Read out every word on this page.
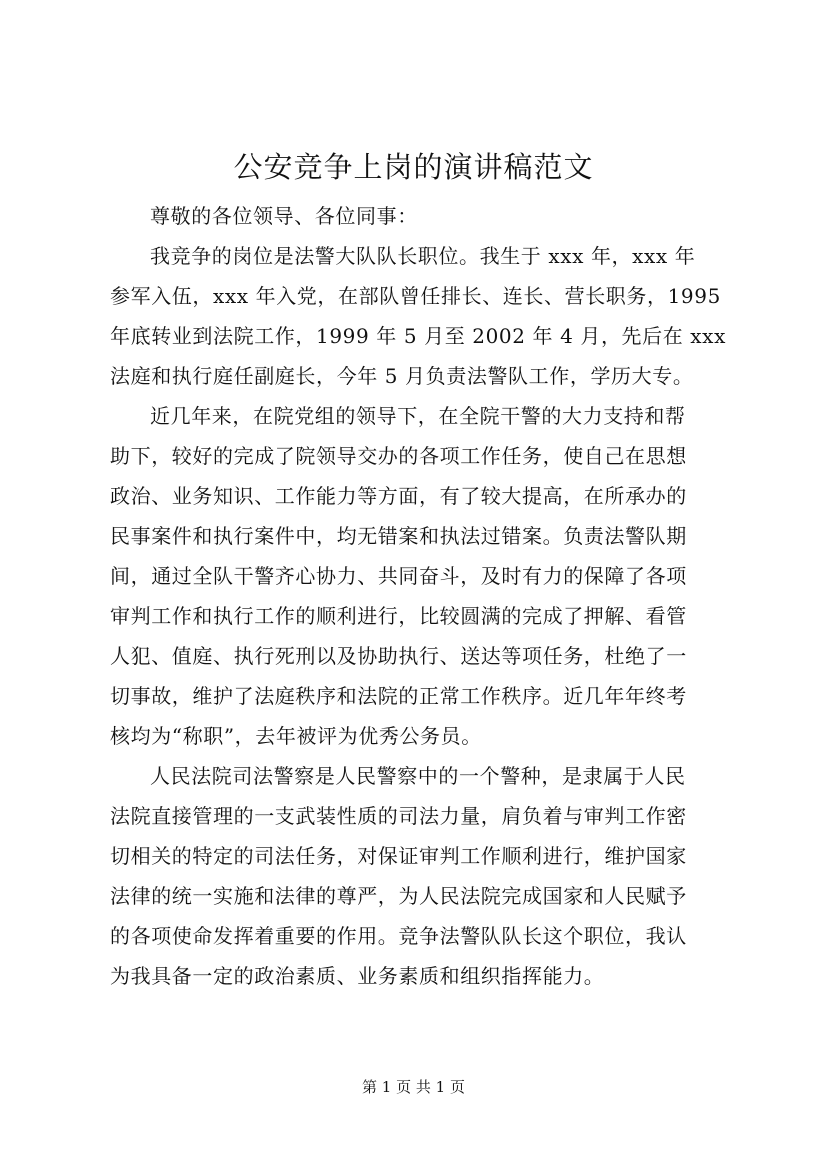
公安竞争上岗的演讲稿范文
尊敬的各位领导、各位同事：
我竞争的岗位是法警大队队长职位。我生于 xxx 年，xxx 年
参军入伍，xxx 年入党，在部队曾任排长、连长、营长职务，1995
年底转业到法院工作，1999 年 5 月至 2002 年 4 月，先后在 xxx
法庭和执行庭任副庭长，今年 5 月负责法警队工作，学历大专。
近几年来，在院党组的领导下，在全院干警的大力支持和帮
助下，较好的完成了院领导交办的各项工作任务，使自己在思想
政治、业务知识、工作能力等方面，有了较大提高，在所承办的
民事案件和执行案件中，均无错案和执法过错案。负责法警队期
间，通过全队干警齐心协力、共同奋斗，及时有力的保障了各项
审判工作和执行工作的顺利进行，比较圆满的完成了押解、看管
人犯、值庭、执行死刑以及协助执行、送达等项任务，杜绝了一
切事故，维护了法庭秩序和法院的正常工作秩序。近几年年终考
核均为“称职”，去年被评为优秀公务员。
人民法院司法警察是人民警察中的一个警种，是隶属于人民
法院直接管理的一支武装性质的司法力量，肩负着与审判工作密
切相关的特定的司法任务，对保证审判工作顺利进行，维护国家
法律的统一实施和法律的尊严，为人民法院完成国家和人民赋予
的各项使命发挥着重要的作用。竞争法警队队长这个职位，我认
为我具备一定的政治素质、业务素质和组织指挥能力。
第 1 页 共 1 页
